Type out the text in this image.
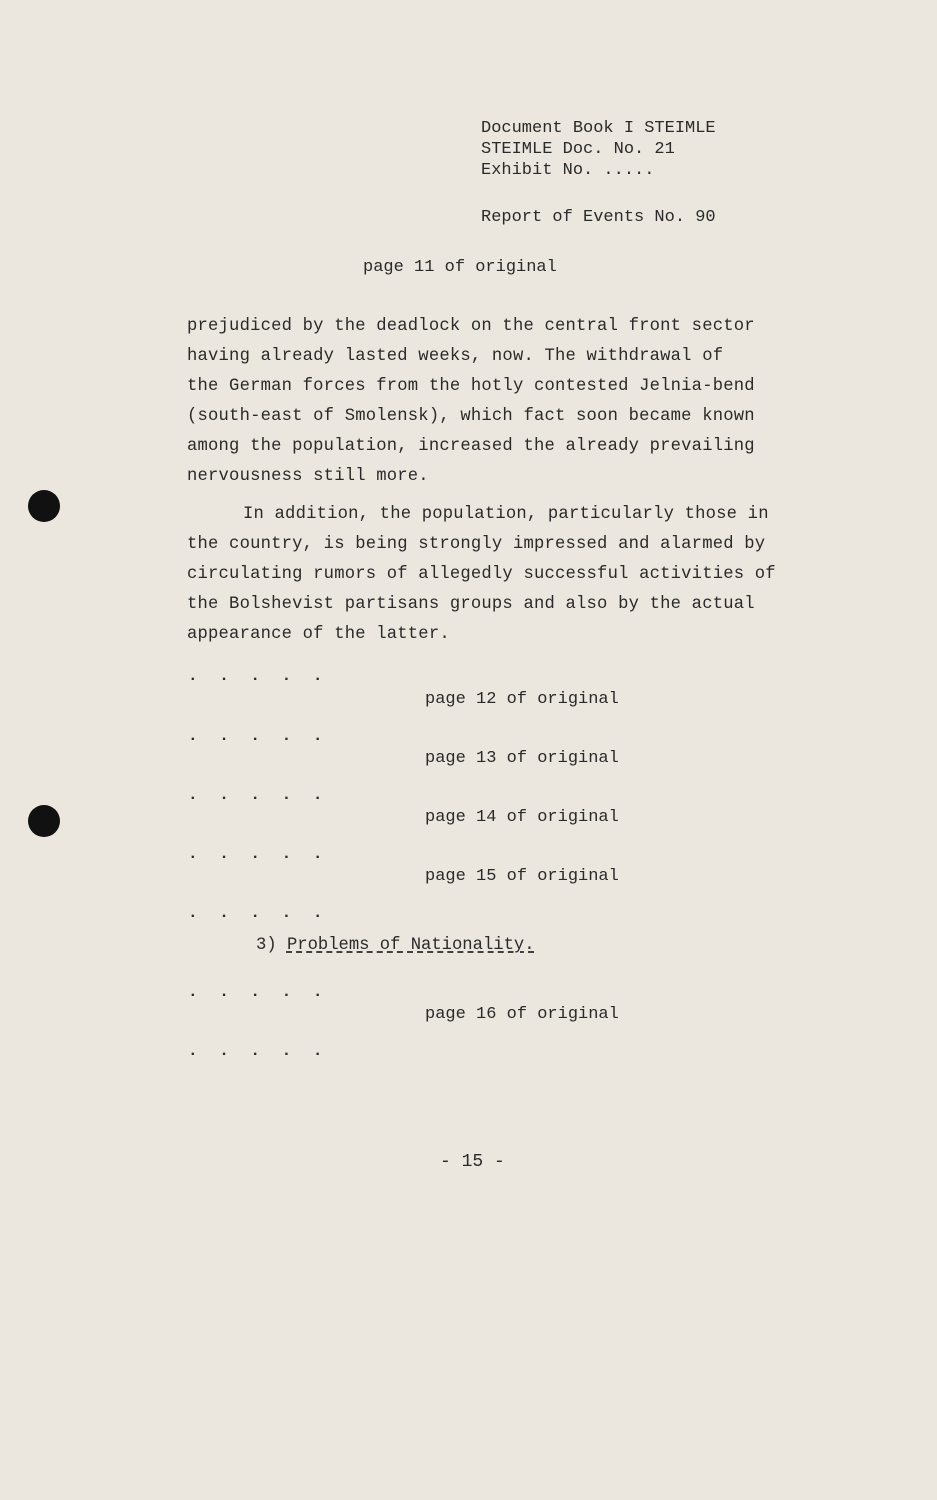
Document Book I STEIMLE
STEIMLE Doc. No. 21
Exhibit No. .....
Report of Events No. 90
page 11 of original
prejudiced by the deadlock on the central front sector
having already lasted weeks, now. The withdrawal of
the German forces from the hotly contested Jelnia-bend
(south-east of Smolensk), which fact soon became known
among the population, increased the already prevailing
nervousness still more.
In addition, the population, particularly those in
the country, is being strongly impressed and alarmed by
circulating rumors of allegedly successful activities of
the Bolshevist partisans groups and also by the actual
appearance of the latter.
. . . . .
page 12 of original
. . . . .
page 13 of original
. . . . .
page 14 of original
. . . . .
page 15 of original
. . . . .
3) Problems of Nationality.
. . . . .
page 16 of original
. . . . .
- 15 -
